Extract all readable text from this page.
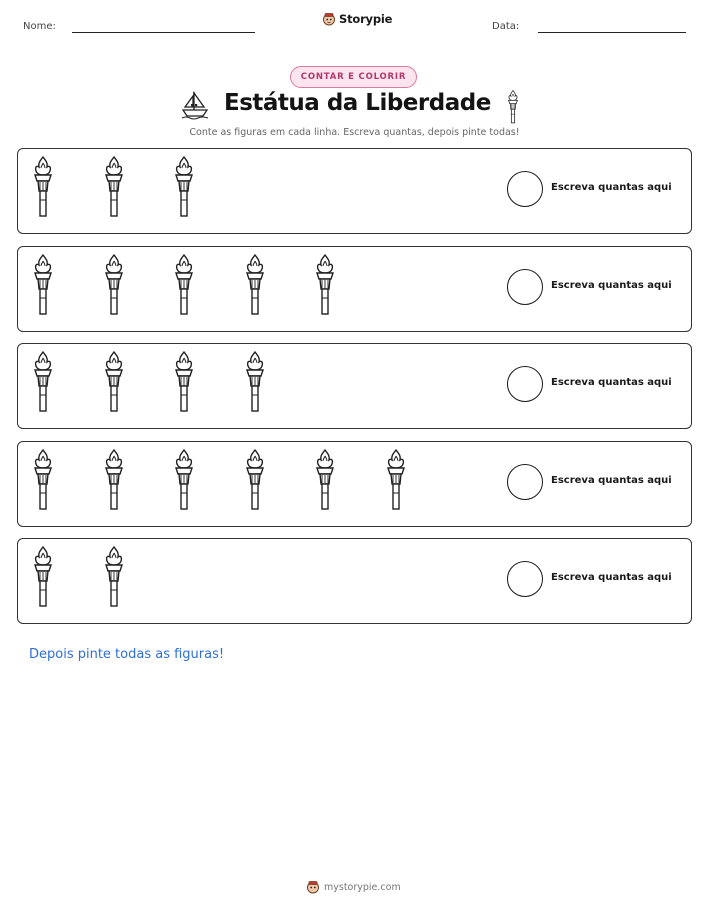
Nome:
Storypie
Data:
CONTAR E COLORIR
Estátua da Liberdade
Conte as figuras em cada linha. Escreva quantas, depois pinte todas!
Escreva quantas aqui
Escreva quantas aqui
Escreva quantas aqui
Escreva quantas aqui
Escreva quantas aqui
Depois pinte todas as figuras!
mystorypie.com
